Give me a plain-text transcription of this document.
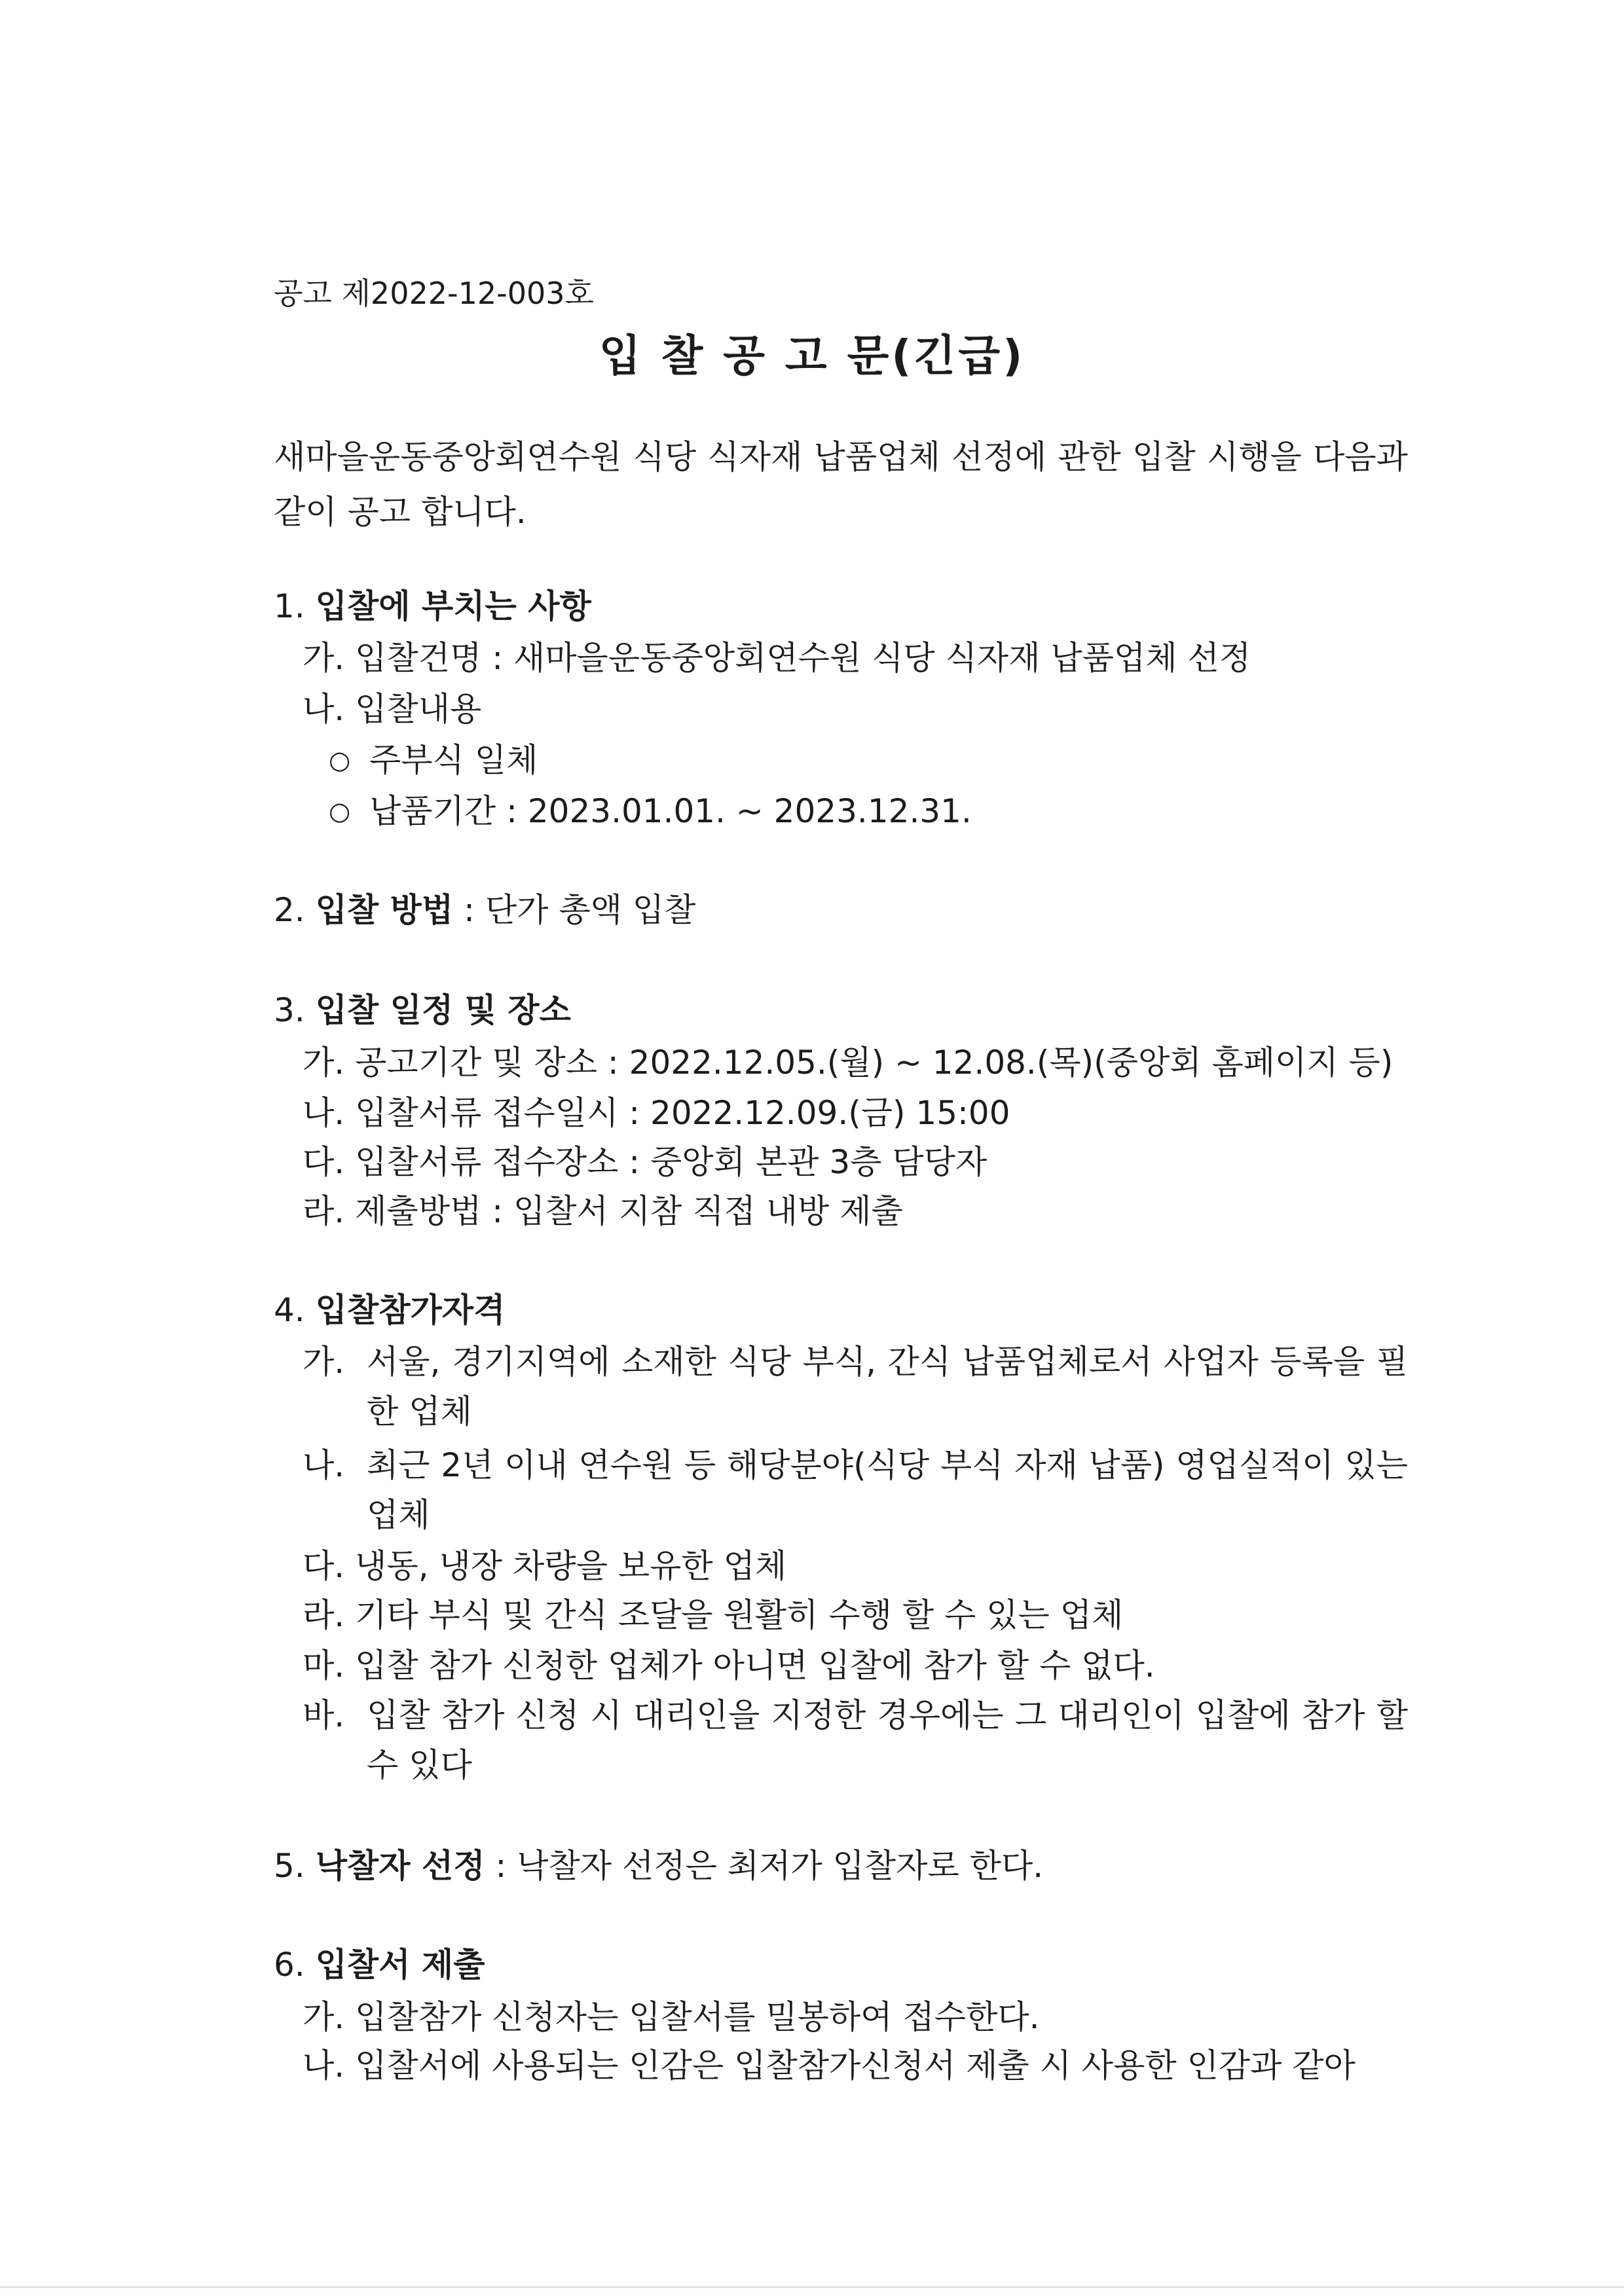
공고 제2022-12-003호
입 찰 공 고 문(긴급)
새마을운동중앙회연수원 식당 식자재 납품업체 선정에 관한 입찰 시행을 다음과 같이 공고 합니다.
1. 입찰에 부치는 사항
가. 입찰건명 : 새마을운동중앙회연수원 식당 식자재 납품업체 선정
나. 입찰내용
○ 주부식 일체
○ 납품기간 : 2023.01.01. ~ 2023.12.31.
2. 입찰 방법 : 단가 총액 입찰
3. 입찰 일정 및 장소
가. 공고기간 및 장소 : 2022.12.05.(월) ~ 12.08.(목)(중앙회 홈페이지 등)
나. 입찰서류 접수일시 : 2022.12.09.(금) 15:00
다. 입찰서류 접수장소 : 중앙회 본관 3층 담당자
라. 제출방법 : 입찰서 지참 직접 내방 제출
4. 입찰참가자격
가. 서울, 경기지역에 소재한 식당 부식, 간식 납품업체로서 사업자 등록을 필한 업체
나. 최근 2년 이내 연수원 등 해당분야(식당 부식 자재 납품) 영업실적이 있는 업체
다. 냉동, 냉장 차량을 보유한 업체
라. 기타 부식 및 간식 조달을 원활히 수행 할 수 있는 업체
마. 입찰 참가 신청한 업체가 아니면 입찰에 참가 할 수 없다.
바. 입찰 참가 신청 시 대리인을 지정한 경우에는 그 대리인이 입찰에 참가 할 수 있다
5. 낙찰자 선정 : 낙찰자 선정은 최저가 입찰자로 한다.
6. 입찰서 제출
가. 입찰참가 신청자는 입찰서를 밀봉하여 접수한다.
나. 입찰서에 사용되는 인감은 입찰참가신청서 제출 시 사용한 인감과 같아
